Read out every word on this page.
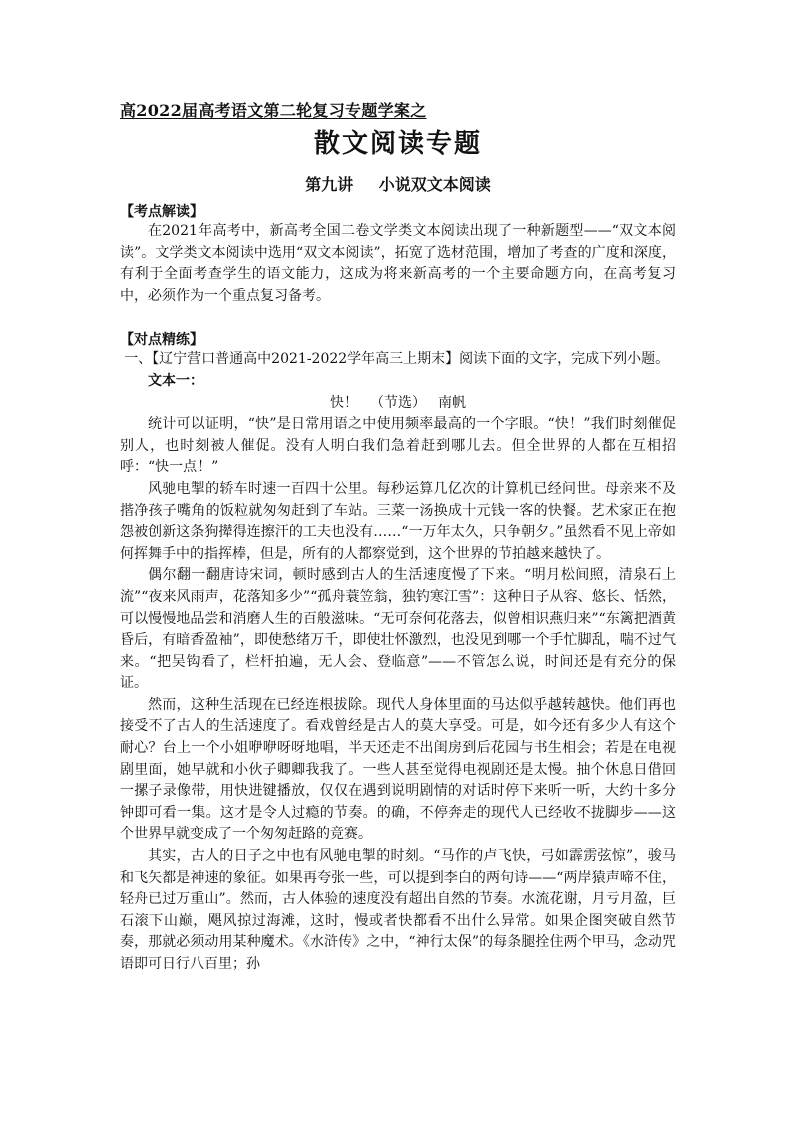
高2022届高考语文第二轮复习专题学案之
散文阅读专题
第九讲 小说双文本阅读
【考点解读】

在2021年高考中，新高考全国二卷文学类文本阅读出现了一种新题型——“双文本阅读”。文学类文本阅读中选用“双文本阅读”，拓宽了选材范围，增加了考查的广度和深度，有利于全面考查学生的语文能力，这成为将来新高考的一个主要命题方向，在高考复习中，必须作为一个重点复习备考。

【对点精练】

一、【辽宁营口普通高中2021-2022学年高三上期末】阅读下面的文字，完成下列小题。

文本一：

快！ （节选） 南帆

统计可以证明，“快”是日常用语之中使用频率最高的一个字眼。“快！”我们时刻催促别人，也时刻被人催促。没有人明白我们急着赶到哪儿去。但全世界的人都在互相招呼：“快一点！”

风驰电掣的轿车时速一百四十公里。每秒运算几亿次的计算机已经问世。母亲来不及揩净孩子嘴角的饭粒就匆匆赶到了车站。三菜一汤换成十元钱一客的快餐。艺术家正在抱怨被创新这条狗撵得连擦汗的工夫也没有……“一万年太久，只争朝夕。”虽然看不见上帝如何挥舞手中的指挥棒，但是，所有的人都察觉到，这个世界的节拍越来越快了。

偶尔翻一翻唐诗宋词，顿时感到古人的生活速度慢了下来。“明月松间照，清泉石上流”“夜来风雨声，花落知多少”“孤舟蓑笠翁，独钓寒江雪”：这种日子从容、悠长、恬然，可以慢慢地品尝和消磨人生的百般滋味。“无可奈何花落去，似曾相识燕归来”“东篱把酒黄昏后，有暗香盈袖”，即使愁绪万千，即使壮怀激烈，也没见到哪一个手忙脚乱，喘不过气来。“把吴钩看了，栏杆拍遍，无人会、登临意”——不管怎么说，时间还是有充分的保证。

然而，这种生活现在已经连根拔除。现代人身体里面的马达似乎越转越快。他们再也接受不了古人的生活速度了。看戏曾经是古人的莫大享受。可是，如今还有多少人有这个耐心？台上一个小姐咿咿呀呀地唱，半天还走不出闺房到后花园与书生相会；若是在电视剧里面，她早就和小伙子卿卿我我了。一些人甚至觉得电视剧还是太慢。抽个休息日借回一摞子录像带，用快进键播放，仅仅在遇到说明剧情的对话时停下来听一听，大约十多分钟即可看一集。这才是令人过瘾的节奏。的确，不停奔走的现代人已经收不拢脚步——这个世界早就变成了一个匆匆赶路的竞赛。

其实，古人的日子之中也有风驰电掣的时刻。“马作的卢飞快，弓如霹雳弦惊”，骏马和飞矢都是神速的象征。如果再夸张一些，可以提到李白的两句诗——“两岸猿声啼不住，轻舟已过万重山”。然而，古人体验的速度没有超出自然的节奏。水流花谢，月亏月盈，巨石滚下山巅，飓风掠过海滩，这时，慢或者快都看不出什么异常。如果企图突破自然节奏，那就必须动用某种魔术。《水浒传》之中，“神行太保”的每条腿拴住两个甲马，念动咒语即可日行八百里；孙
